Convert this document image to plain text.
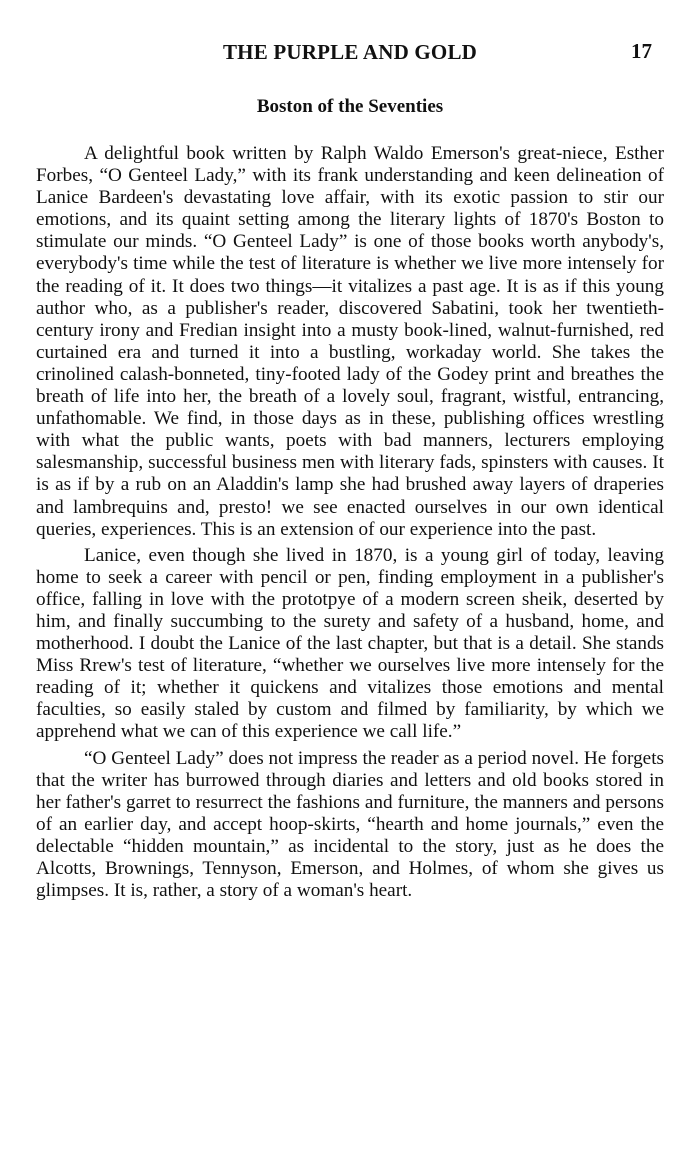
THE PURPLE AND GOLD	17
Boston of the Seventies

A delightful book written by Ralph Waldo Emerson's great-niece, Esther Forbes, “O Genteel Lady,” with its frank understanding and keen delineation of Lanice Bardeen's devastating love affair, with its exotic passion to stir our emotions, and its quaint setting among the literary lights of 1870's Boston to stimulate our minds. “O Genteel Lady” is one of those books worth anybody's, everybody's time while the test of literature is whether we live more intensely for the reading of it. It does two things—it vitalizes a past age. It is as if this young author who, as a publisher's reader, discovered Sabatini, took her twentieth-century irony and Fredian insight into a musty book-lined, walnut-furnished, red curtained era and turned it into a bustling, workaday world. She takes the crinolined calash-bonneted, tiny-footed lady of the Godey print and breathes the breath of life into her, the breath of a lovely soul, fragrant, wistful, entrancing, unfathomable. We find, in those days as in these, publishing offices wrestling with what the public wants, poets with bad manners, lecturers employing salesmanship, successful business men with literary fads, spinsters with causes. It is as if by a rub on an Aladdin's lamp she had brushed away layers of draperies and lambrequins and, presto! we see enacted ourselves in our own identical queries, experiences. This is an extension of our experience into the past.

Lanice, even though she lived in 1870, is a young girl of today, leaving home to seek a career with pencil or pen, finding employment in a publisher's office, falling in love with the prototpye of a modern screen sheik, deserted by him, and finally succumbing to the surety and safety of a husband, home, and motherhood. I doubt the Lanice of the last chapter, but that is a detail. She stands Miss Rrew's test of literature, “whether we ourselves live more intensely for the reading of it; whether it quickens and vitalizes those emotions and mental faculties, so easily staled by custom and filmed by familiarity, by which we apprehend what we can of this experience we call life.”

“O Genteel Lady” does not impress the reader as a period novel. He forgets that the writer has burrowed through diaries and letters and old books stored in her father's garret to resurrect the fashions and furniture, the manners and persons of an earlier day, and accept hoop-skirts, “hearth and home journals,” even the delectable “hidden mountain,” as incidental to the story, just as he does the Alcotts, Brownings, Tennyson, Emerson, and Holmes, of whom she gives us glimpses. It is, rather, a story of a woman's heart.
